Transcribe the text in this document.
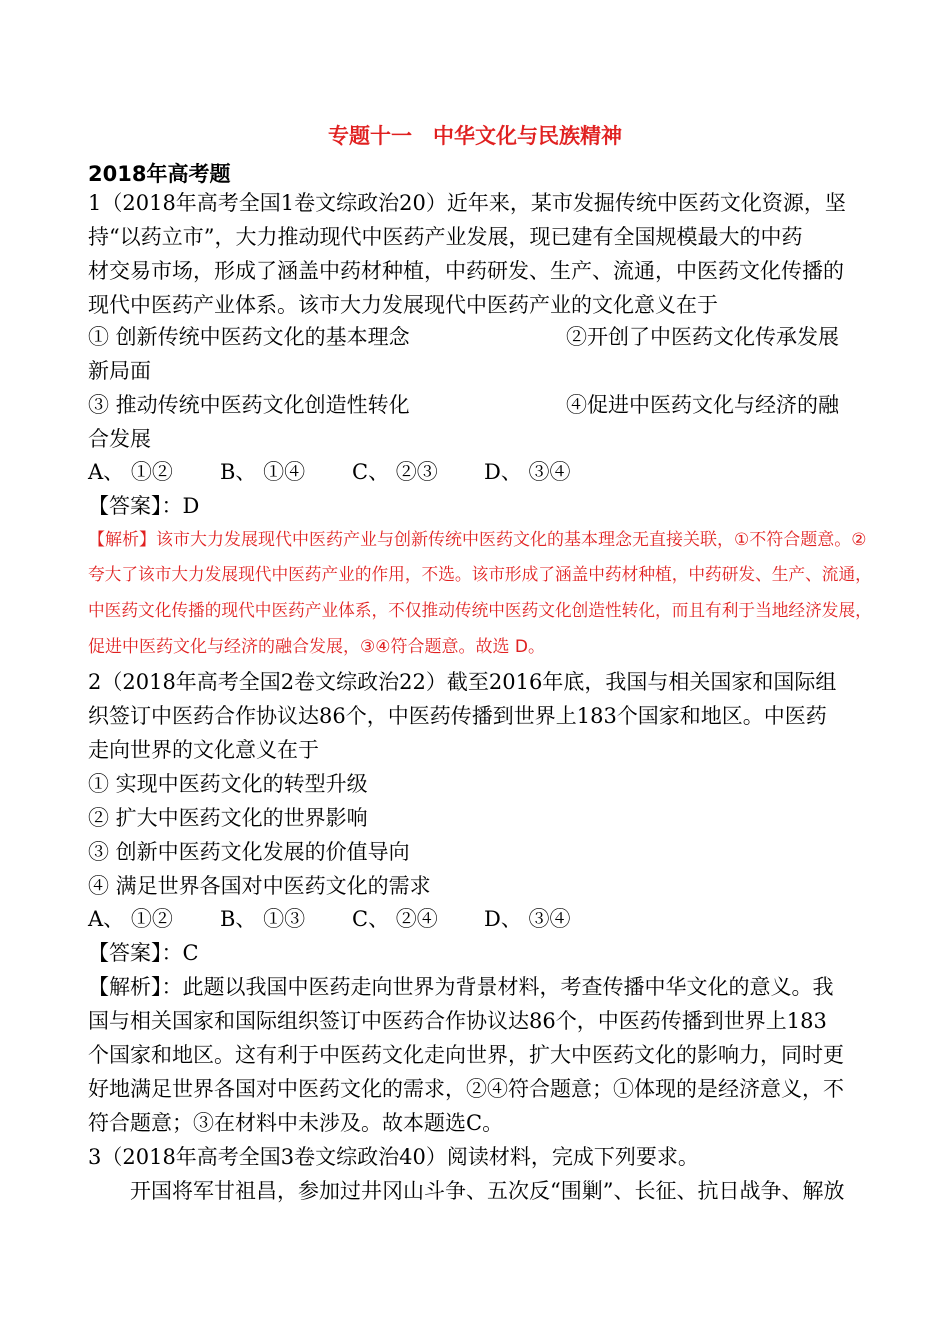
专题十一　中华文化与民族精神
2018年高考题
1（2018年高考全国1卷文综政治20）近年来，某市发掘传统中医药文化资源，坚
持“以药立市”，大力推动现代中医药产业发展，现已建有全国规模最大的中药
材交易市场，形成了涵盖中药材种植，中药研发、生产、流通，中医药文化传播的
现代中医药产业体系。该市大力发展现代中医药产业的文化意义在于
① 创新传统中医药文化的基本理念	②开创了中医药文化传承发展
新局面
③ 推动传统中医药文化创造性转化	④促进中医药文化与经济的融
合发展
A、 ①② B、 ①④ C、 ②③ D、 ③④
【答案】：D
【解析】该市大力发展现代中医药产业与创新传统中医药文化的基本理念无直接关联，①不符合题意。②
夸大了该市大力发展现代中医药产业的作用，不选。该市形成了涵盖中药材种植，中药研发、生产、流通，
中医药文化传播的现代中医药产业体系，不仅推动传统中医药文化创造性转化，而且有利于当地经济发展，
促进中医药文化与经济的融合发展，③④符合题意。故选 D。
2（2018年高考全国2卷文综政治22）截至2016年底，我国与相关国家和国际组
织签订中医药合作协议达86个，中医药传播到世界上183个国家和地区。中医药
走向世界的文化意义在于
① 实现中医药文化的转型升级
② 扩大中医药文化的世界影响
③ 创新中医药文化发展的价值导向
④ 满足世界各国对中医药文化的需求
A、 ①② B、 ①③ C、 ②④ D、 ③④
【答案】：C
【解析】：此题以我国中医药走向世界为背景材料，考查传播中华文化的意义。我
国与相关国家和国际组织签订中医药合作协议达86个，中医药传播到世界上183
个国家和地区。这有利于中医药文化走向世界，扩大中医药文化的影响力，同时更
好地满足世界各国对中医药文化的需求，②④符合题意；①体现的是经济意义，不
符合题意；③在材料中未涉及。故本题选C。
3（2018年高考全国3卷文综政治40）阅读材料，完成下列要求。
　　开国将军甘祖昌，参加过井冈山斗争、五次反“围剿”、长征、抗日战争、解放
